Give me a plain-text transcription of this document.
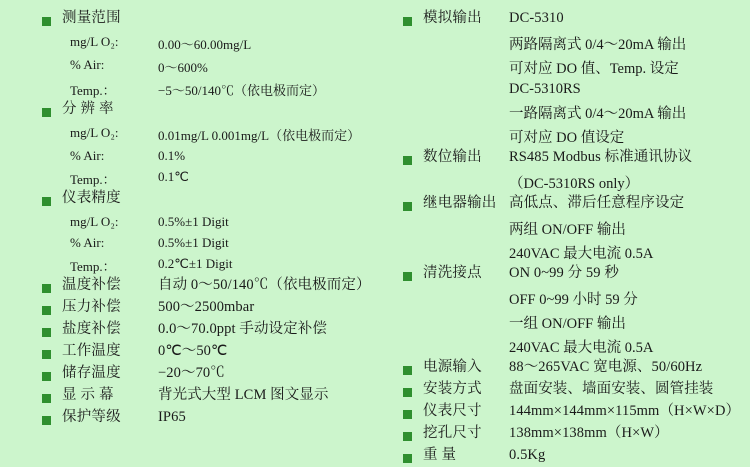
测量范围
mg/L O₂:	0.00～60.00mg/L
% Air:	0～600%
Temp.：	−5～50/140℃（依电极而定）
分 辨 率
mg/L O₂:	0.01mg/L 0.001mg/L（依电极而定）
% Air:	0.1%
Temp.：	0.1℃
仪表精度
mg/L O₂:	0.5%±1 Digit
% Air:	0.5%±1 Digit
Temp.：	0.2℃±1 Digit
温度补偿	自动 0～50/140℃（依电极而定）
压力补偿	500～2500mbar
盐度补偿	0.0～70.0ppt 手动设定补偿
工作温度	0℃～50℃
储存温度	−20～70℃
显 示 幕	背光式大型 LCM 图文显示
保护等级	IP65
模拟输出	DC-5310
两路隔离式 0/4～20mA 输出
可对应 DO 值、Temp. 设定
DC-5310RS
一路隔离式 0/4～20mA 输出
可对应 DO 值设定
数位输出	RS485 Modbus 标准通讯协议
（DC-5310RS only）
继电器输出 高低点、滞后任意程序设定
两组 ON/OFF 输出
240VAC 最大电流 0.5A
清洗接点	ON 0~99 分 59 秒
OFF 0~99 小时 59 分
一组 ON/OFF 输出
240VAC 最大电流 0.5A
电源输入	88～265VAC 宽电源、50/60Hz
安装方式	盘面安装、墙面安装、圆管挂装
仪表尺寸	144mm×144mm×115mm（H×W×D）
挖孔尺寸	138mm×138mm（H×W）
重 量	0.5Kg
